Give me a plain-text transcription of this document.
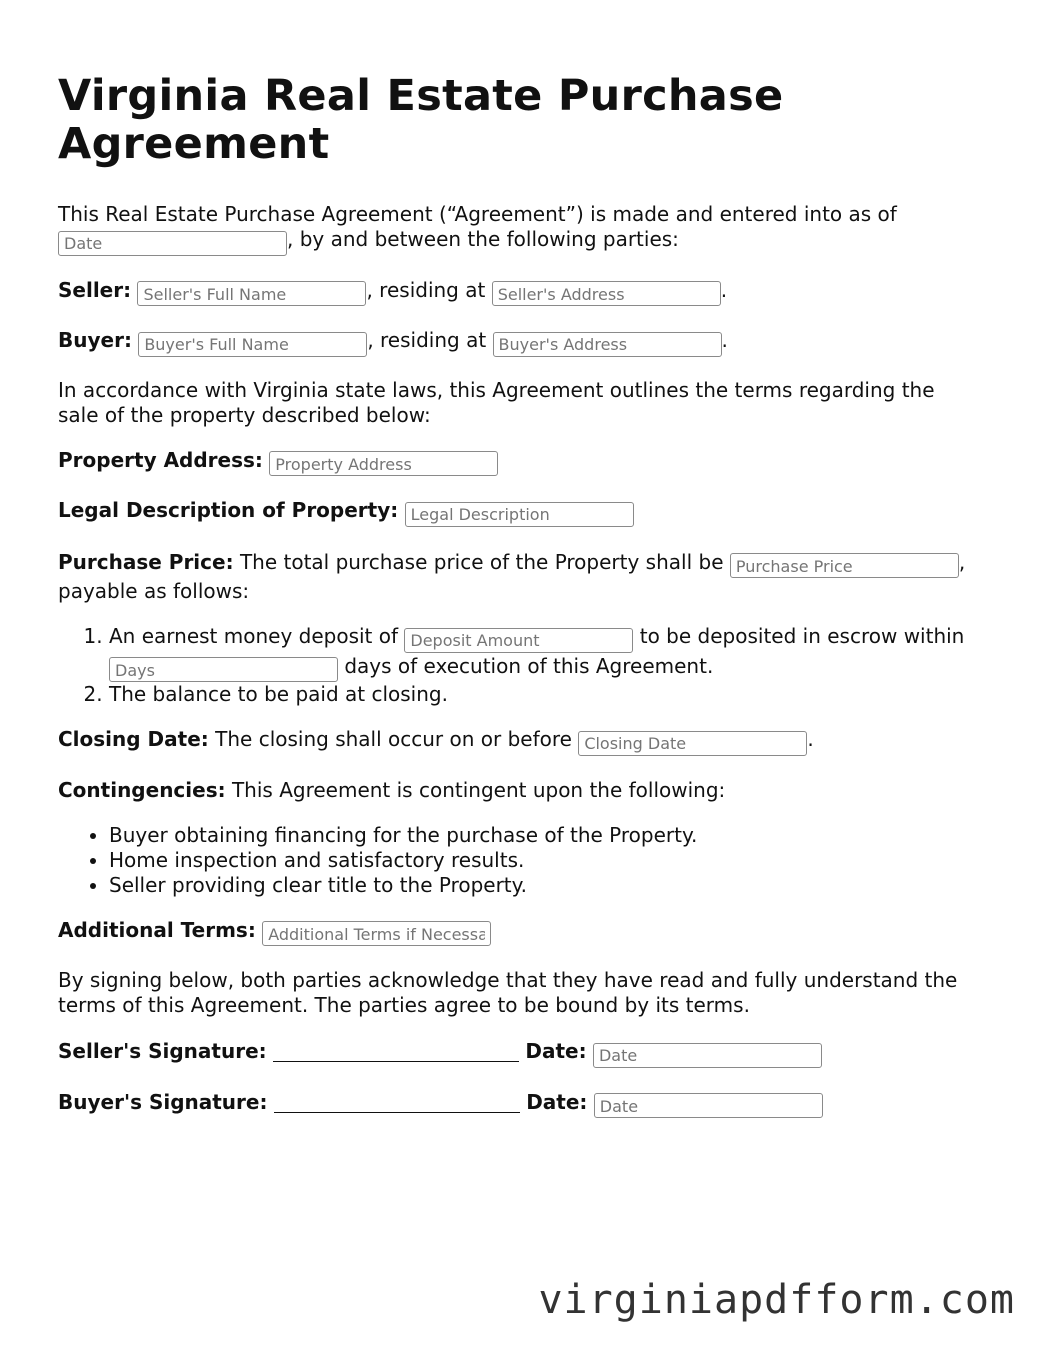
Virginia Real Estate Purchase Agreement

This Real Estate Purchase Agreement (“Agreement”) is made and entered into as of
Date, by and between the following parties:

Seller: Seller's Full Name	, residing at Seller's Address	.

Buyer: Buyer's Full Name	, residing at Buyer's Address	.

In accordance with Virginia state laws, this Agreement outlines the terms regarding the sale of the property described below:

Property Address: Property Address

Legal Description of Property: Legal Description

Purchase Price: The total purchase price of the Property shall be Purchase Price	,
payable as follows:

1. An earnest money deposit of Deposit Amount	to be deposited in escrow within
Days days of execution of this Agreement.
2. The balance to be paid at closing.

Closing Date: The closing shall occur on or before Closing Date	.

Contingencies: This Agreement is contingent upon the following:

• Buyer obtaining financing for the purchase of the Property.
• Home inspection and satisfactory results.
• Seller providing clear title to the Property.

Additional Terms: Additional Terms if Necessary

By signing below, both parties acknowledge that they have read and fully understand the terms of this Agreement. The parties agree to be bound by its terms.

Seller's Signature:	Date: Date

Buyer's Signature:	Date: Date

virginiapdfform.com
